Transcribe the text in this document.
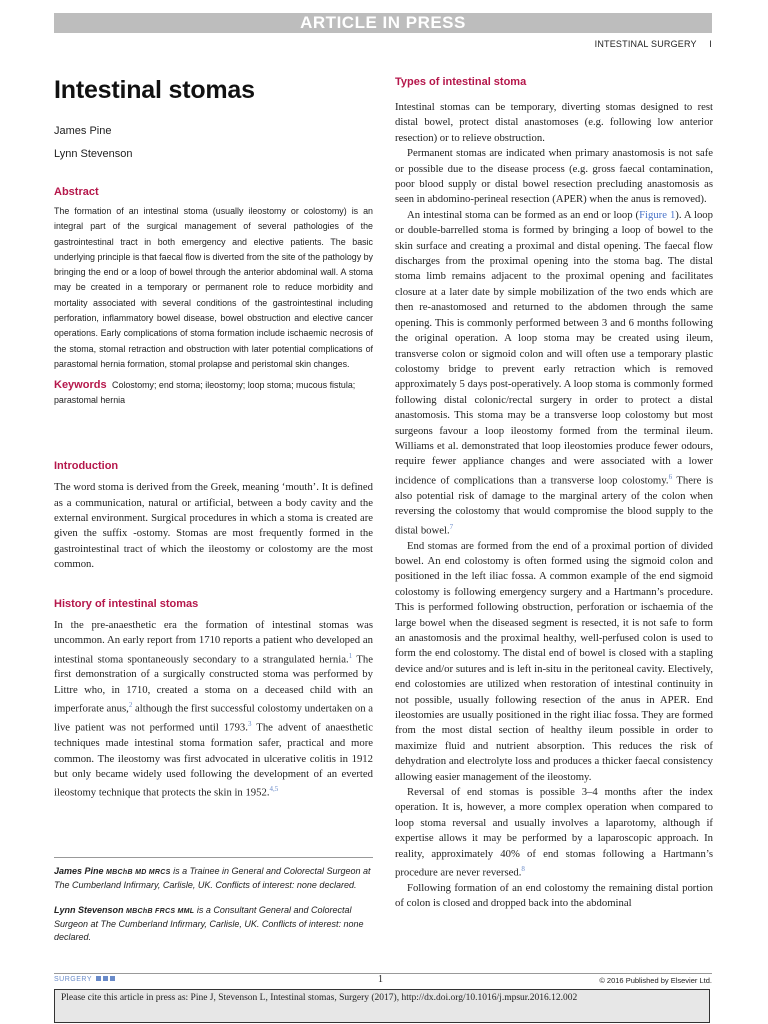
ARTICLE IN PRESS
INTESTINAL SURGERY I
Intestinal stomas
James Pine
Lynn Stevenson
Abstract

The formation of an intestinal stoma (usually ileostomy or colostomy) is an integral part of the surgical management of several pathologies of the gastrointestinal tract in both emergency and elective patients. The basic underlying principle is that faecal flow is diverted from the site of the pathology by bringing the end or a loop of bowel through the anterior abdominal wall. A stoma may be created in a temporary or permanent role to reduce morbidity and mortality associated with several conditions of the gastrointestinal including perforation, inflammatory bowel disease, bowel obstruction and elective cancer operations. Early complications of stoma formation include ischaemic necrosis of the stoma, stomal retraction and obstruction with later potential complications of parastomal hernia formation, stomal prolapse and peristomal skin changes.

Keywords Colostomy; end stoma; ileostomy; loop stoma; mucous fistula; parastomal hernia
Introduction

The word stoma is derived from the Greek, meaning ‘mouth’. It is defined as a communication, natural or artificial, between a body cavity and the external environment. Surgical procedures in which a stoma is created are given the suffix -ostomy. Stomas are most frequently formed in the gastrointestinal tract of which the ileostomy or colostomy are the most common.

History of intestinal stomas

In the pre-anaesthetic era the formation of intestinal stomas was uncommon. An early report from 1710 reports a patient who developed an intestinal stoma spontaneously secondary to a strangulated hernia.$^1$ The first demonstration of a surgically constructed stoma was performed by Littre who, in 1710, created a stoma on a deceased child with an imperforate anus,$^2$ although the first successful colostomy undertaken on a live patient was not performed until 1793.$^3$ The advent of anaesthetic techniques made intestinal stoma formation safer, practical and more common. The ileostomy was first advocated in ulcerative colitis in 1912 but only became widely used following the development of an everted ileostomy technique that protects the skin in 1952.$^{4,5}$

James Pine MBChB MD MRCS is a Trainee in General and Colorectal Surgeon at The Cumberland Infirmary, Carlisle, UK. Conflicts of interest: none declared.

Lynn Stevenson MBChB FRCS MML is a Consultant General and Colorectal Surgeon at The Cumberland Infirmary, Carlisle, UK. Conflicts of interest: none declared.

Types of intestinal stoma

Intestinal stomas can be temporary, diverting stomas designed to rest distal bowel, protect distal anastomoses (e.g. following low anterior resection) or to relieve obstruction.

Permanent stomas are indicated when primary anastomosis is not safe or possible due to the disease process (e.g. gross faecal contamination, poor blood supply or distal bowel resection precluding anastomosis as seen in abdomino-perineal resection (APER) when the anus is removed).

An intestinal stoma can be formed as an end or loop (Figure 1). A loop or double-barrelled stoma is formed by bringing a loop of bowel to the skin surface and creating a proximal and distal opening. The faecal flow discharges from the proximal opening into the stoma bag. The distal stoma limb remains adjacent to the proximal opening and facilitates closure at a later date by simple mobilization of the two ends which are then re-anastomosed and returned to the abdomen through the same opening. This is commonly performed between 3 and 6 months following the original operation. A loop stoma may be created using ileum, transverse colon or sigmoid colon and will often use a temporary plastic colostomy bridge to prevent early retraction which is removed approximately 5 days post-operatively. A loop stoma is commonly formed following distal colonic/rectal surgery in order to protect a distal anastomosis. This stoma may be a transverse loop colostomy but most surgeons favour a loop ileostomy formed from the terminal ileum. Williams et al. demonstrated that loop ileostomies produce fewer odours, require fewer appliance changes and were associated with a lower incidence of complications than a transverse loop colostomy.$^6$ There is also potential risk of damage to the marginal artery of the colon when reversing the colostomy that would compromise the blood supply to the distal bowel.$^7$

End stomas are formed from the end of a proximal portion of divided bowel. An end colostomy is often formed using the sigmoid colon and positioned in the left iliac fossa. A common example of the end sigmoid colostomy is following emergency surgery and a Hartmann’s procedure. This is performed following obstruction, perforation or ischaemia of the large bowel when the diseased segment is resected, it is not safe to form an anastomosis and the proximal healthy, well-perfused colon is used to form the end colostomy. The distal end of bowel is closed with a stapling device and/or sutures and is left in-situ in the peritoneal cavity. Electively, end colostomies are utilized when restoration of intestinal continuity in not possible, usually following resection of the anus in APER. End ileostomies are usually positioned in the right iliac fossa. They are formed from the most distal section of healthy ileum possible in order to maximize fluid and nutrient absorption. This reduces the risk of dehydration and electrolyte loss and produces a thicker faecal consistency allowing easier management of the ileostomy.

Reversal of end stomas is possible 3–4 months after the index operation. It is, however, a more complex operation when compared to loop stoma reversal and usually involves a laparotomy, although if expertise allows it may be performed by a laparoscopic approach. In reality, approximately 40% of end stomas following a Hartmann’s procedure are never reversed.$^8$

Following formation of an end colostomy the remaining distal portion of colon is closed and dropped back into the abdominal

SURGERY	1	© 2016 Published by Elsevier Ltd.
Please cite this article in press as: Pine J, Stevenson L, Intestinal stomas, Surgery (2017), http://dx.doi.org/10.1016/j.mpsur.2016.12.002
